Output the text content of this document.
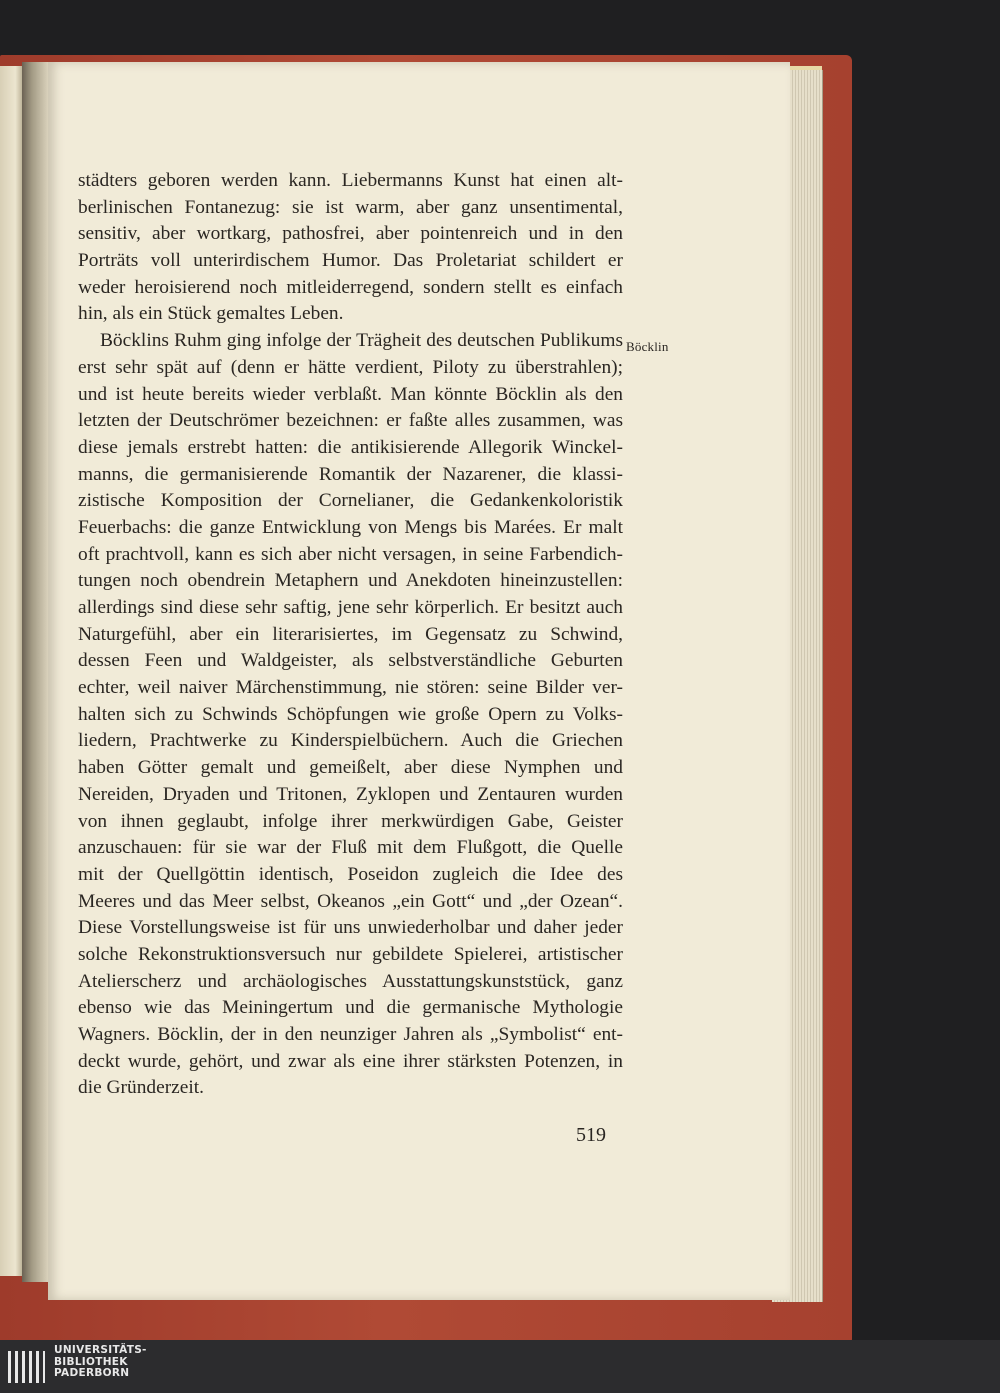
städters geboren werden kann. Liebermanns Kunst hat einen alt-
berlinischen Fontanezug: sie ist warm, aber ganz unsentimental,
sensitiv, aber wortkarg, pathosfrei, aber pointenreich und in den
Porträts voll unterirdischem Humor. Das Proletariat schildert er
weder heroisierend noch mitleiderregend, sondern stellt es einfach
hin, als ein Stück gemaltes Leben.
Böcklins Ruhm ging infolge der Trägheit des deutschen Publikums
erst sehr spät auf (denn er hätte verdient, Piloty zu überstrahlen);
und ist heute bereits wieder verblaßt. Man könnte Böcklin als den
letzten der Deutschrömer bezeichnen: er faßte alles zusammen, was
diese jemals erstrebt hatten: die antikisierende Allegorik Winckel-
manns, die germanisierende Romantik der Nazarener, die klassi-
zistische Komposition der Cornelianer, die Gedankenkoloristik
Feuerbachs: die ganze Entwicklung von Mengs bis Marées. Er malt
oft prachtvoll, kann es sich aber nicht versagen, in seine Farbendich-
tungen noch obendrein Metaphern und Anekdoten hineinzustellen:
allerdings sind diese sehr saftig, jene sehr körperlich. Er besitzt auch
Naturgefühl, aber ein literarisiertes, im Gegensatz zu Schwind,
dessen Feen und Waldgeister, als selbstverständliche Geburten
echter, weil naiver Märchenstimmung, nie stören: seine Bilder ver-
halten sich zu Schwinds Schöpfungen wie große Opern zu Volks-
liedern, Prachtwerke zu Kinderspielbüchern. Auch die Griechen
haben Götter gemalt und gemeißelt, aber diese Nymphen und
Nereiden, Dryaden und Tritonen, Zyklopen und Zentauren wurden
von ihnen geglaubt, infolge ihrer merkwürdigen Gabe, Geister
anzuschauen: für sie war der Fluß mit dem Flußgott, die Quelle
mit der Quellgöttin identisch, Poseidon zugleich die Idee des
Meeres und das Meer selbst, Okeanos „ein Gott“ und „der Ozean“.
Diese Vorstellungsweise ist für uns unwiederholbar und daher jeder
solche Rekonstruktionsversuch nur gebildete Spielerei, artistischer
Atelierscherz und archäologisches Ausstattungskunststück, ganz
ebenso wie das Meiningertum und die germanische Mythologie
Wagners. Böcklin, der in den neunziger Jahren als „Symbolist“ ent-
deckt wurde, gehört, und zwar als eine ihrer stärksten Potenzen, in
die Gründerzeit.
Böcklin
519
UNIVERSITÄTS-
BIBLIOTHEK
PADERBORN
